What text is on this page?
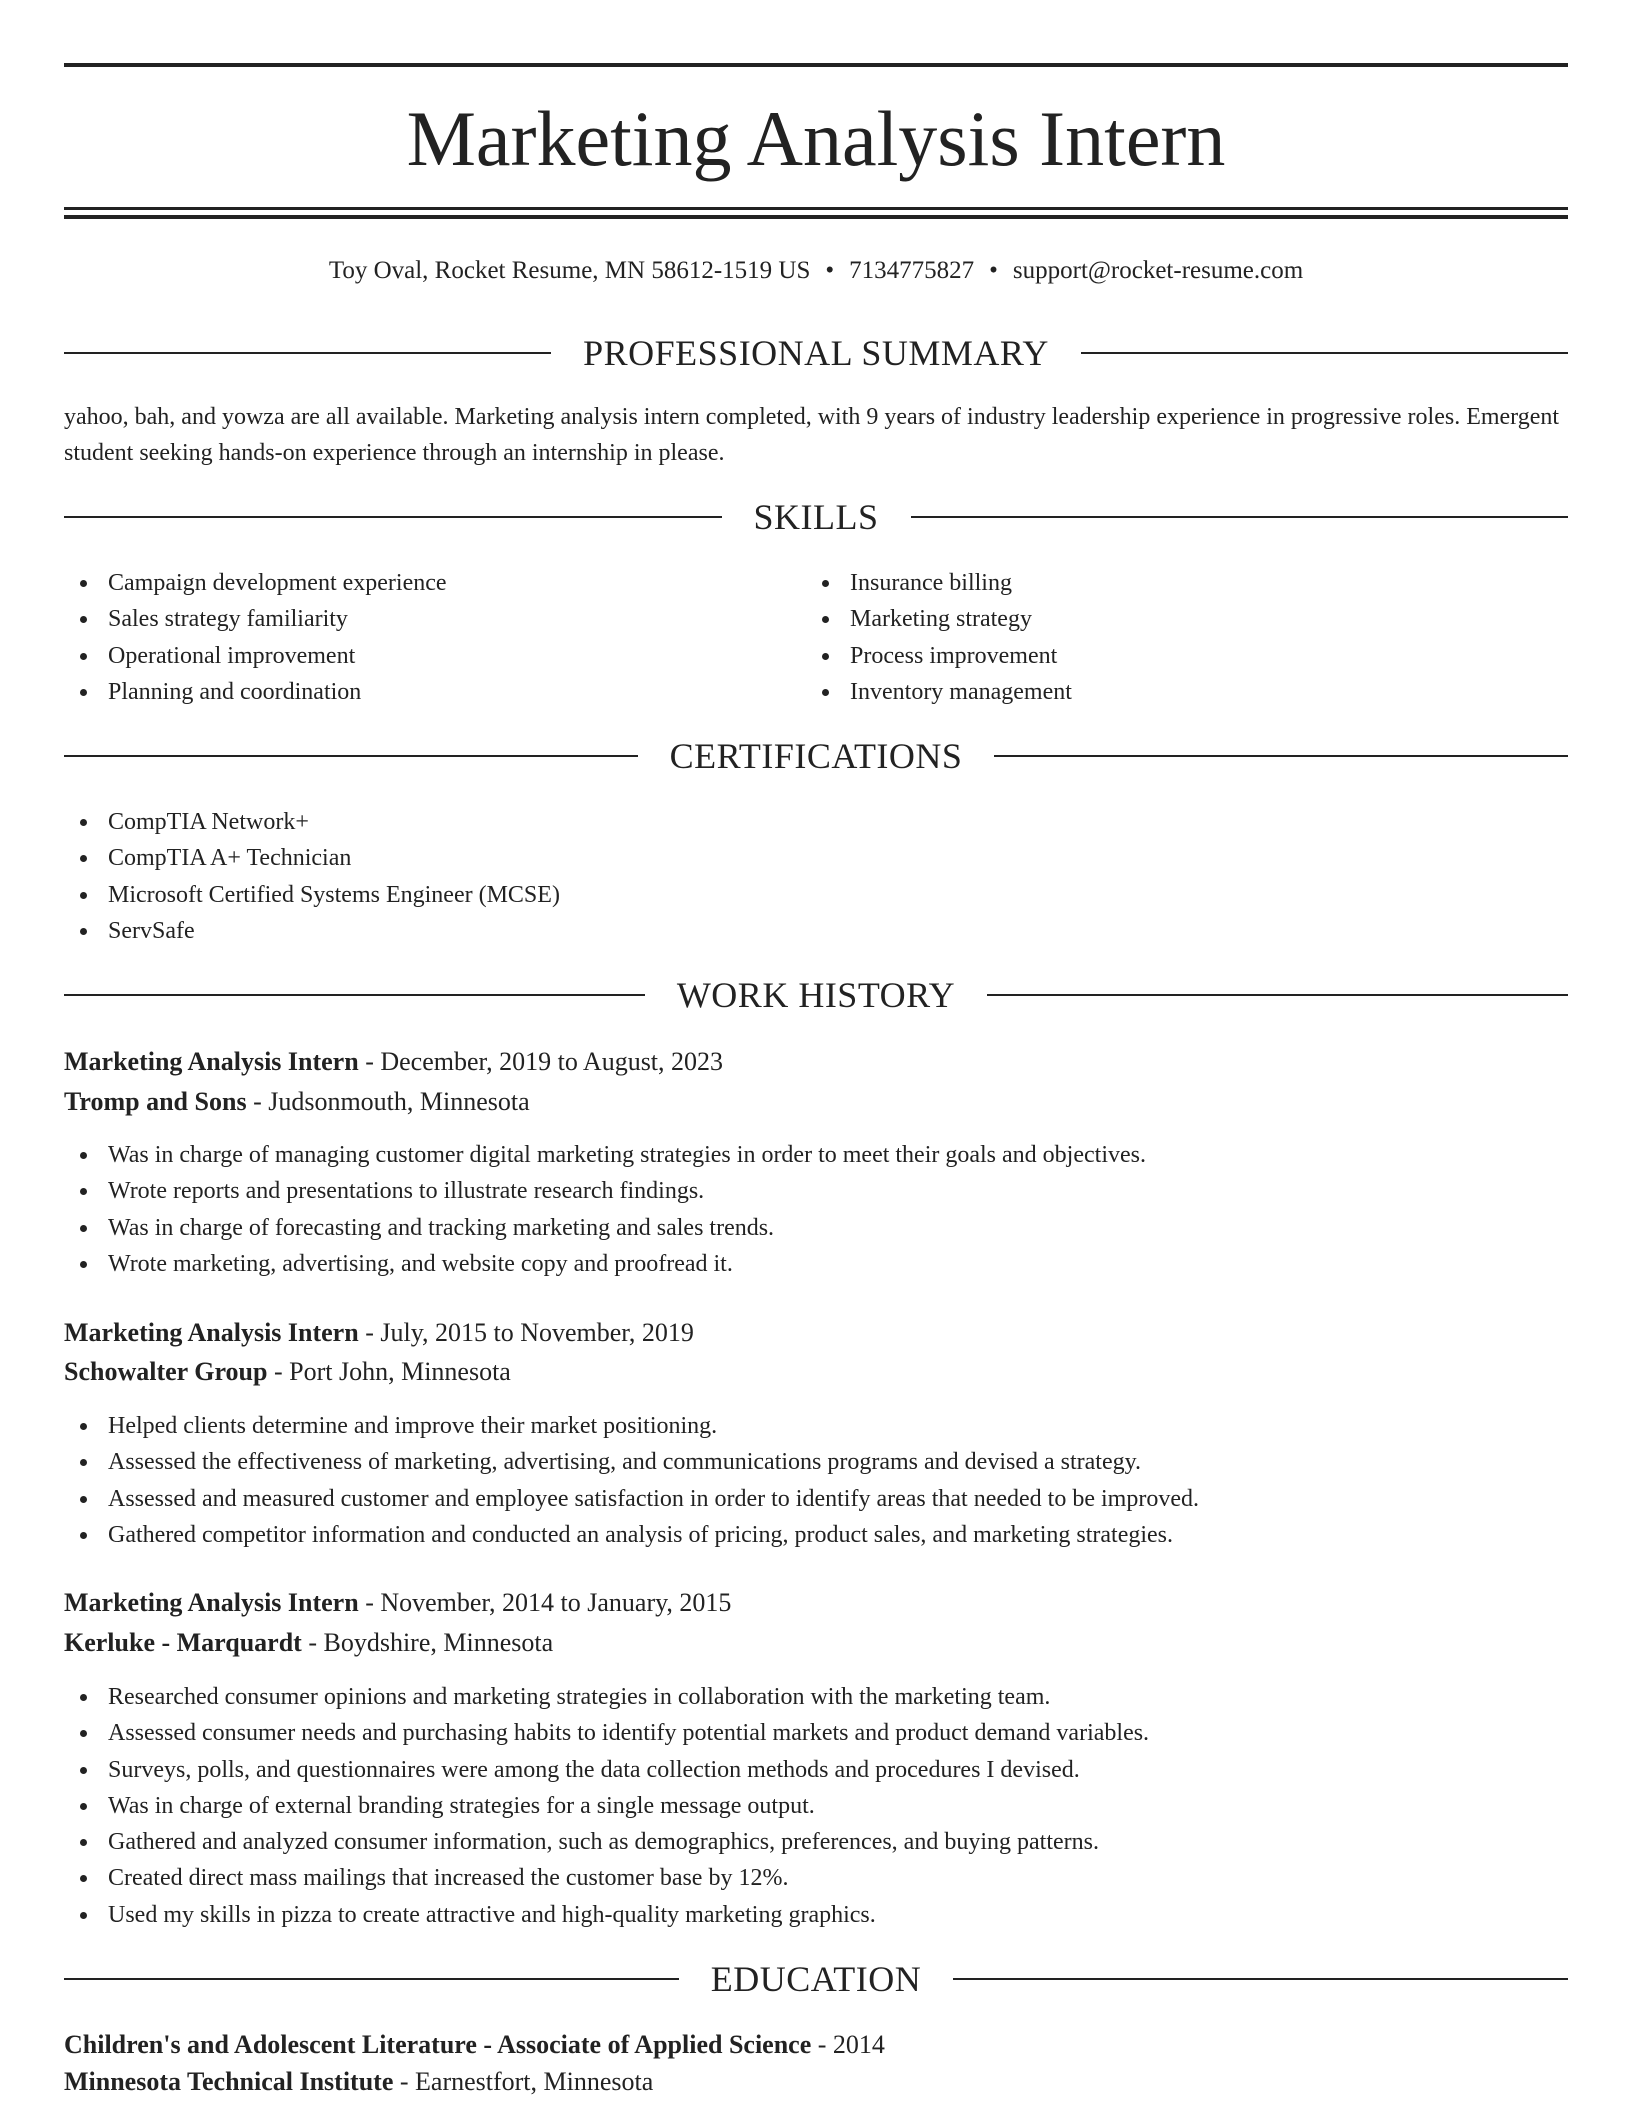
Marketing Analysis Intern
Toy Oval, Rocket Resume, MN 58612-1519 US • 7134775827 • support@rocket-resume.com
PROFESSIONAL SUMMARY

yahoo, bah, and yowza are all available. Marketing analysis intern completed, with 9 years of industry leadership experience in progressive roles. Emergent student seeking hands-on experience through an internship in please.

SKILLS
Campaign development experience
Sales strategy familiarity
Operational improvement
Planning and coordination
Insurance billing
Marketing strategy
Process improvement
Inventory management
CERTIFICATIONS
CompTIA Network+
CompTIA A+ Technician
Microsoft Certified Systems Engineer (MCSE)
ServSafe
WORK HISTORY
Marketing Analysis Intern - December, 2019 to August, 2023
Tromp and Sons - Judsonmouth, Minnesota
Was in charge of managing customer digital marketing strategies in order to meet their goals and objectives.
Wrote reports and presentations to illustrate research findings.
Was in charge of forecasting and tracking marketing and sales trends.
Wrote marketing, advertising, and website copy and proofread it.
Marketing Analysis Intern - July, 2015 to November, 2019
Schowalter Group - Port John, Minnesota
Helped clients determine and improve their market positioning.
Assessed the effectiveness of marketing, advertising, and communications programs and devised a strategy.
Assessed and measured customer and employee satisfaction in order to identify areas that needed to be improved.
Gathered competitor information and conducted an analysis of pricing, product sales, and marketing strategies.
Marketing Analysis Intern - November, 2014 to January, 2015
Kerluke - Marquardt - Boydshire, Minnesota
Researched consumer opinions and marketing strategies in collaboration with the marketing team.
Assessed consumer needs and purchasing habits to identify potential markets and product demand variables.
Surveys, polls, and questionnaires were among the data collection methods and procedures I devised.
Was in charge of external branding strategies for a single message output.
Gathered and analyzed consumer information, such as demographics, preferences, and buying patterns.
Created direct mass mailings that increased the customer base by 12%.
Used my skills in pizza to create attractive and high-quality marketing graphics.
EDUCATION
Children's and Adolescent Literature - Associate of Applied Science - 2014
Minnesota Technical Institute - Earnestfort, Minnesota
